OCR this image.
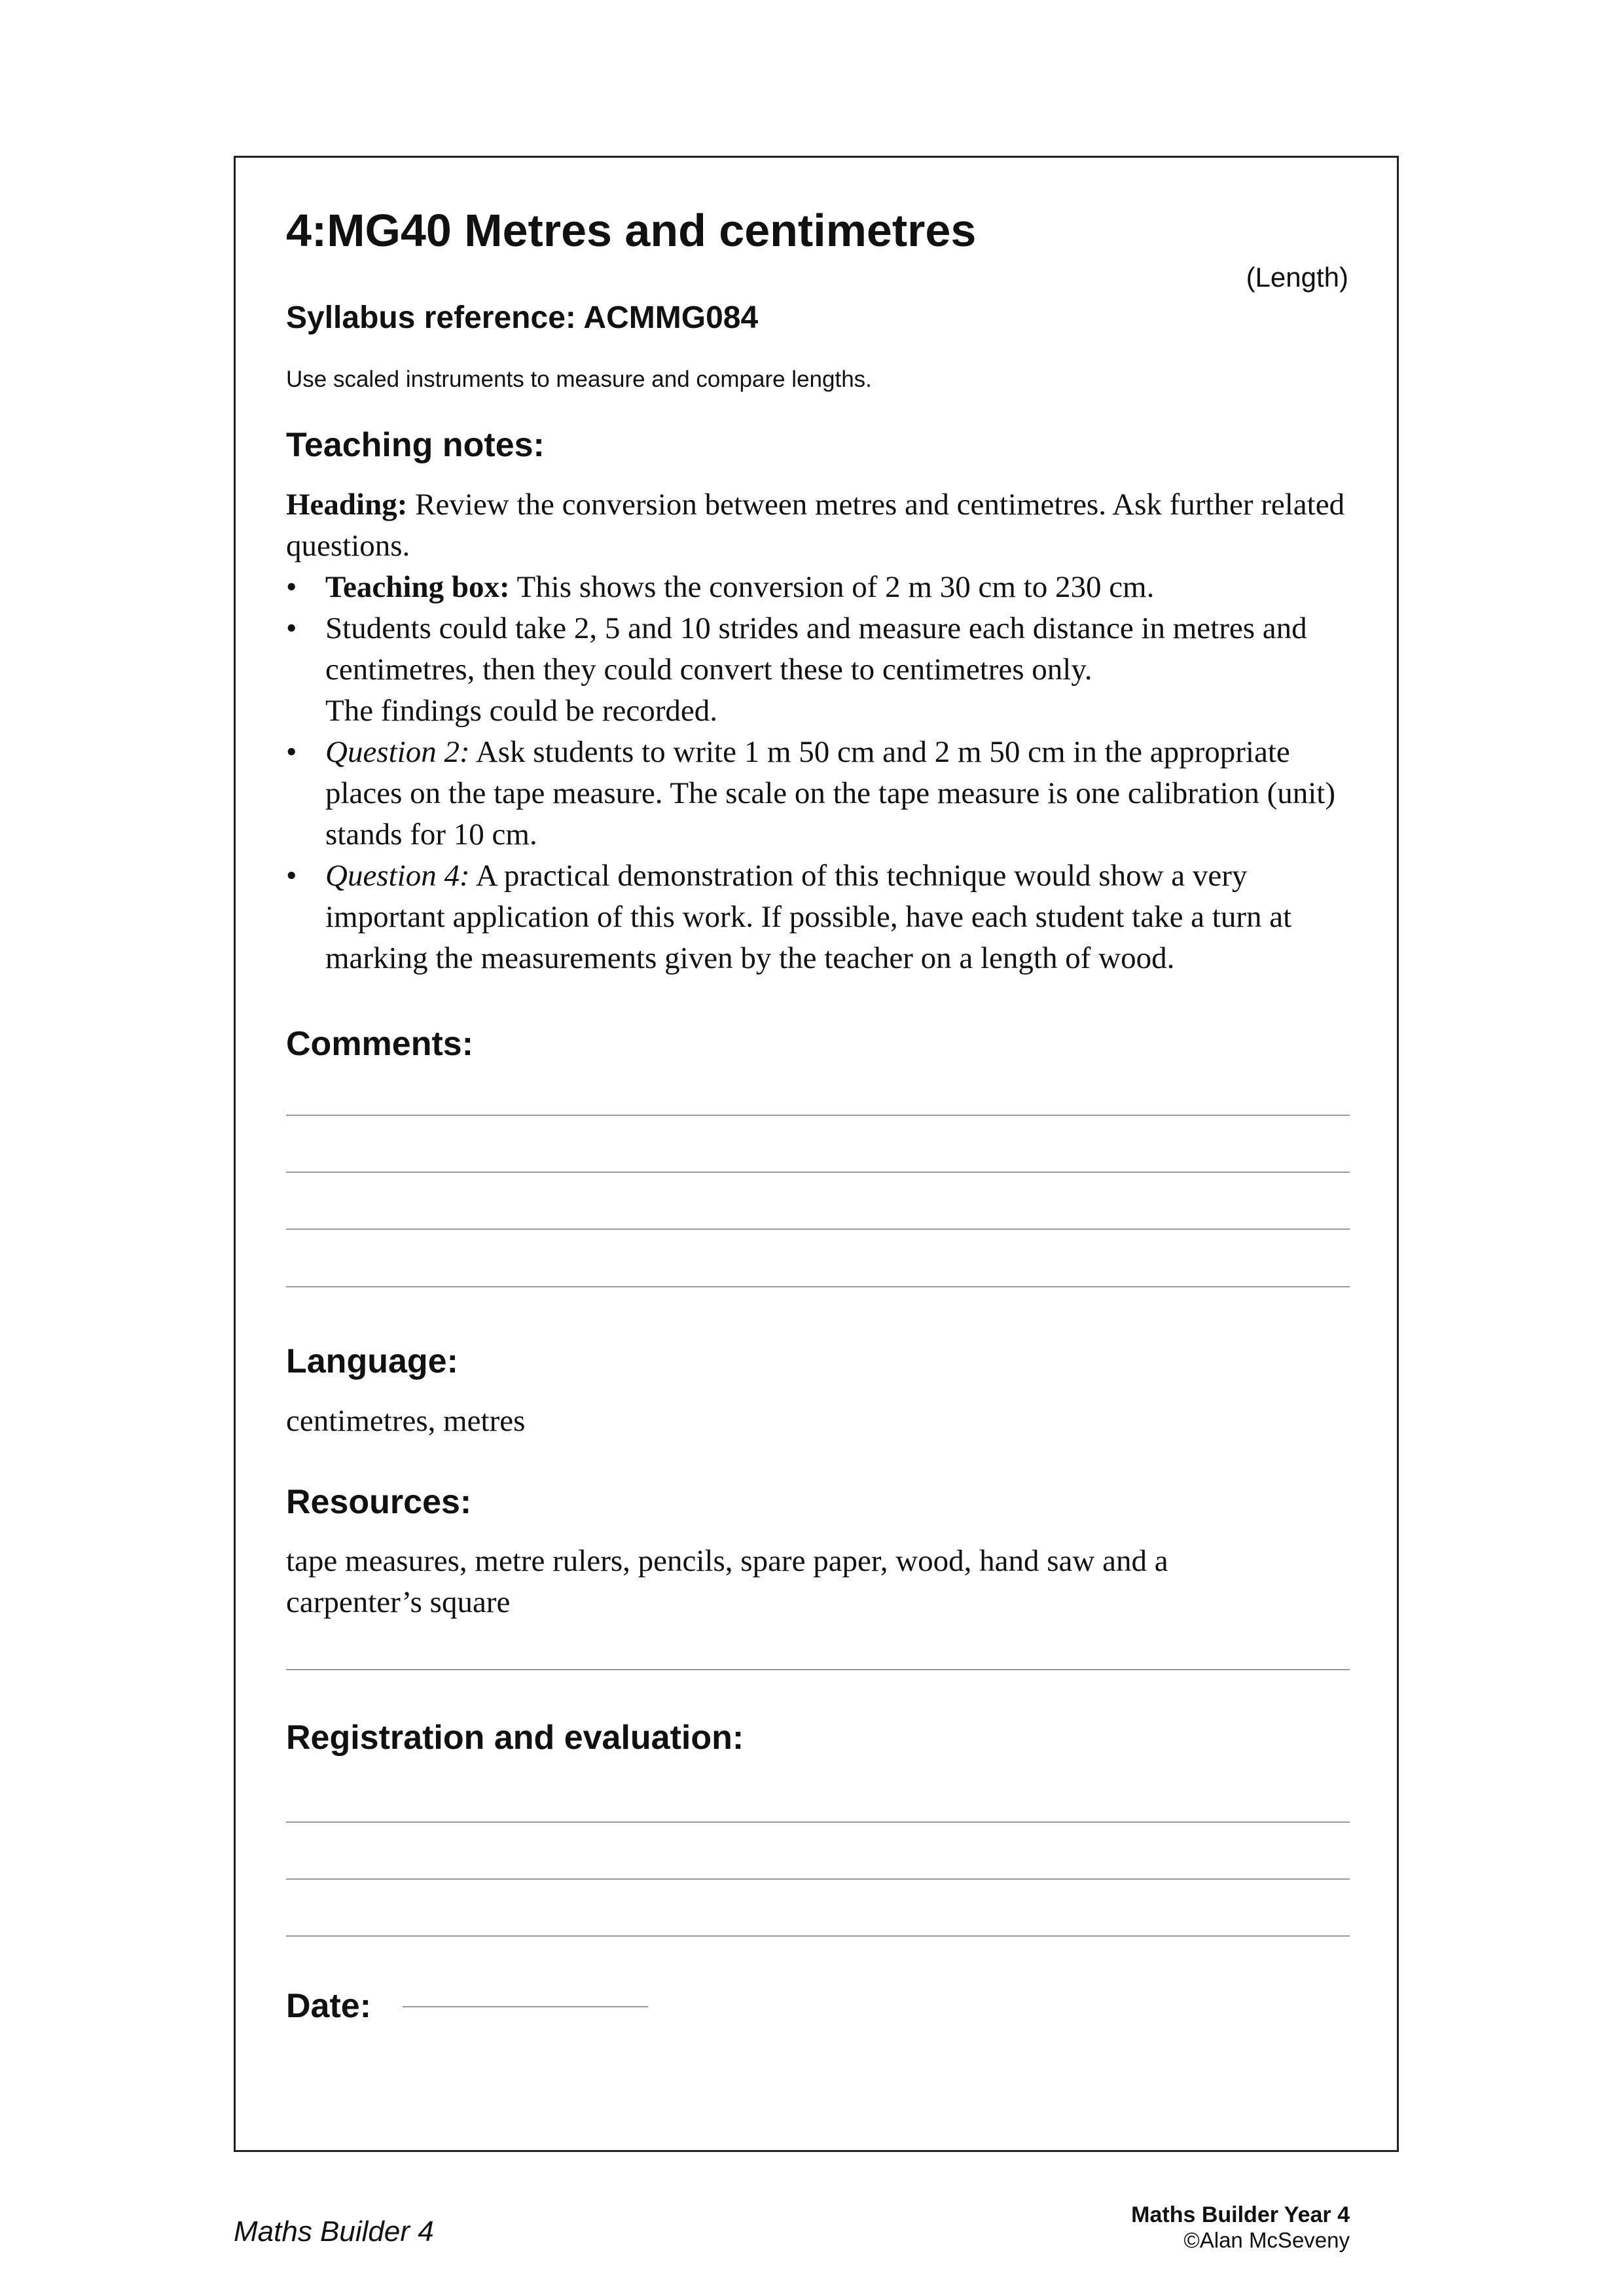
4:MG40 Metres and centimetres
(Length)
Syllabus reference: ACMMG084
Use scaled instruments to measure and compare lengths.
Teaching notes:

Heading: Review the conversion between metres and centimetres. Ask further related questions.

• Teaching box: This shows the conversion of 2 m 30 cm to 230 cm.
• Students could take 2, 5 and 10 strides and measure each distance in metres and centimetres, then they could convert these to centimetres only.
The findings could be recorded.
• Question 2: Ask students to write 1 m 50 cm and 2 m 50 cm in the appropriate places on the tape measure. The scale on the tape measure is one calibration (unit) stands for 10 cm.
• Question 4: A practical demonstration of this technique would show a very important application of this work. If possible, have each student take a turn at marking the measurements given by the teacher on a length of wood.
Comments:
Language:
centimetres, metres
Resources:
tape measures, metre rulers, pencils, spare paper, wood, hand saw and a carpenter’s square
Registration and evaluation:
Date:
Maths Builder 4
Maths Builder Year 4
©Alan McSeveny
